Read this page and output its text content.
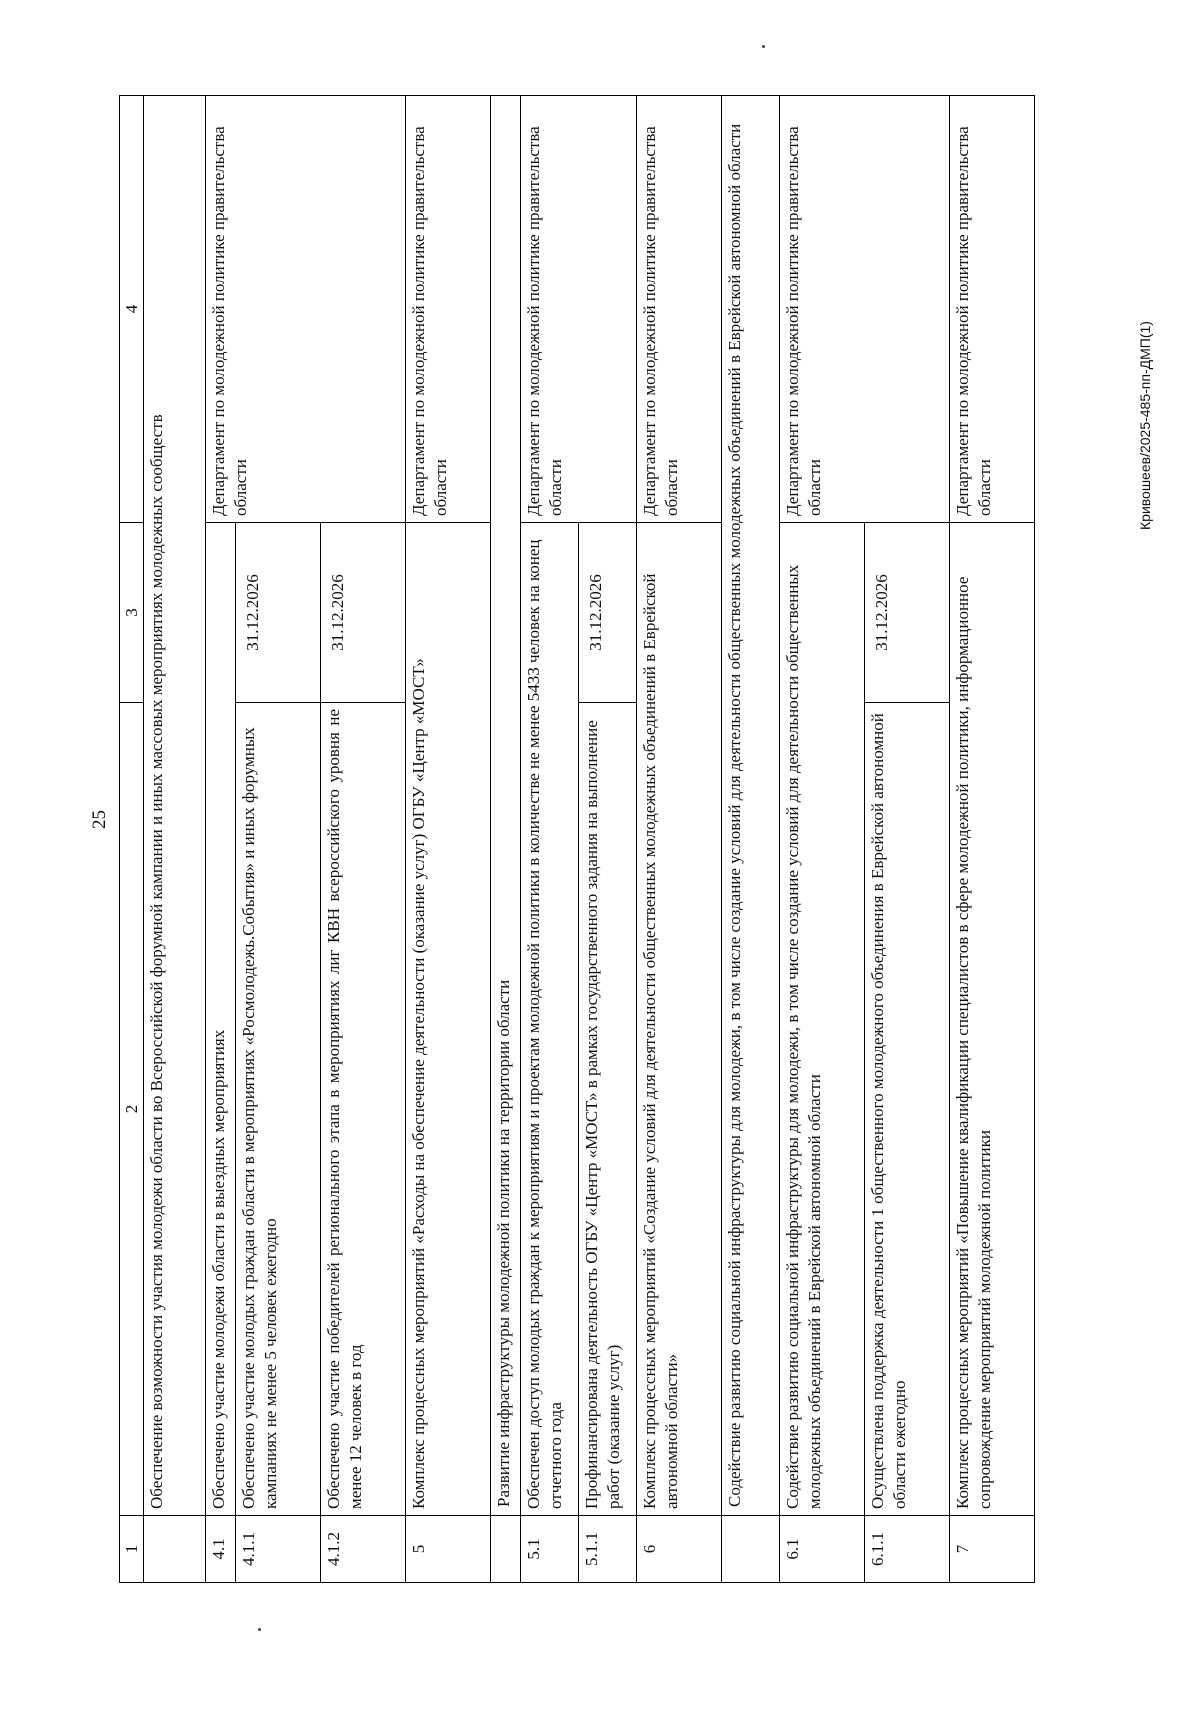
25
Кривошеев/2025-485-пп-ДМП(1)
1	2	3	4
	Обеспечение возможности участия молодежи области во Всероссийской форумной кампании и иных массовых мероприятиях молодежных сообществ		
4.1	Обеспечено участие молодежи области в выездных мероприятиях		Департамент по молодежной политике правительства области
4.1.1	Обеспечено участие молодых граждан области в мероприятиях «Росмолодежь.События» и иных форумных кампаниях не менее 5 человек ежегодно	31.12.2026	
4.1.2	Обеспечено участие победителей регионального этапа в мероприятиях лиг КВН всероссийского уровня не менее 12 человек в год	31.12.2026	
5	Комплекс процессных мероприятий «Расходы на обеспечение деятельности (оказание услуг) ОГБУ «Центр «МОСТ»		Департамент по молодежной политике правительства области
	Развитие инфраструктуры молодежной политики на территории области		
5.1	Обеспечен доступ молодых граждан к мероприятиям и проектам молодежной политики в количестве не менее 5433 человек на конец отчетного года		Департамент по молодежной политике правительства области
5.1.1	Профинансирована деятельность ОГБУ «Центр «МОСТ» в рамках государственного задания на выполнение работ (оказание услуг)	31.12.2026	
6	Комплекс процессных мероприятий «Создание условий для деятельности общественных молодежных объединений в Еврейской автономной области»		Департамент по молодежной политике правительства области
	Содействие развитию социальной инфраструктуры для молодежи, в том числе создание условий для деятельности общественных молодежных объединений в Еврейской автономной области		
6.1	Содействие развитию социальной инфраструктуры для молодежи, в том числе создание условий для деятельности общественных молодежных объединений в Еврейской автономной области		Департамент по молодежной политике правительства области
6.1.1	Осуществлена поддержка деятельности 1 общественного молодежного объединения в Еврейской автономной области ежегодно	31.12.2026	
7	Комплекс процессных мероприятий «Повышение квалификации специалистов в сфере молодежной политики, информационное сопровождение мероприятий молодежной политики		Департамент по молодежной политике правительства области
